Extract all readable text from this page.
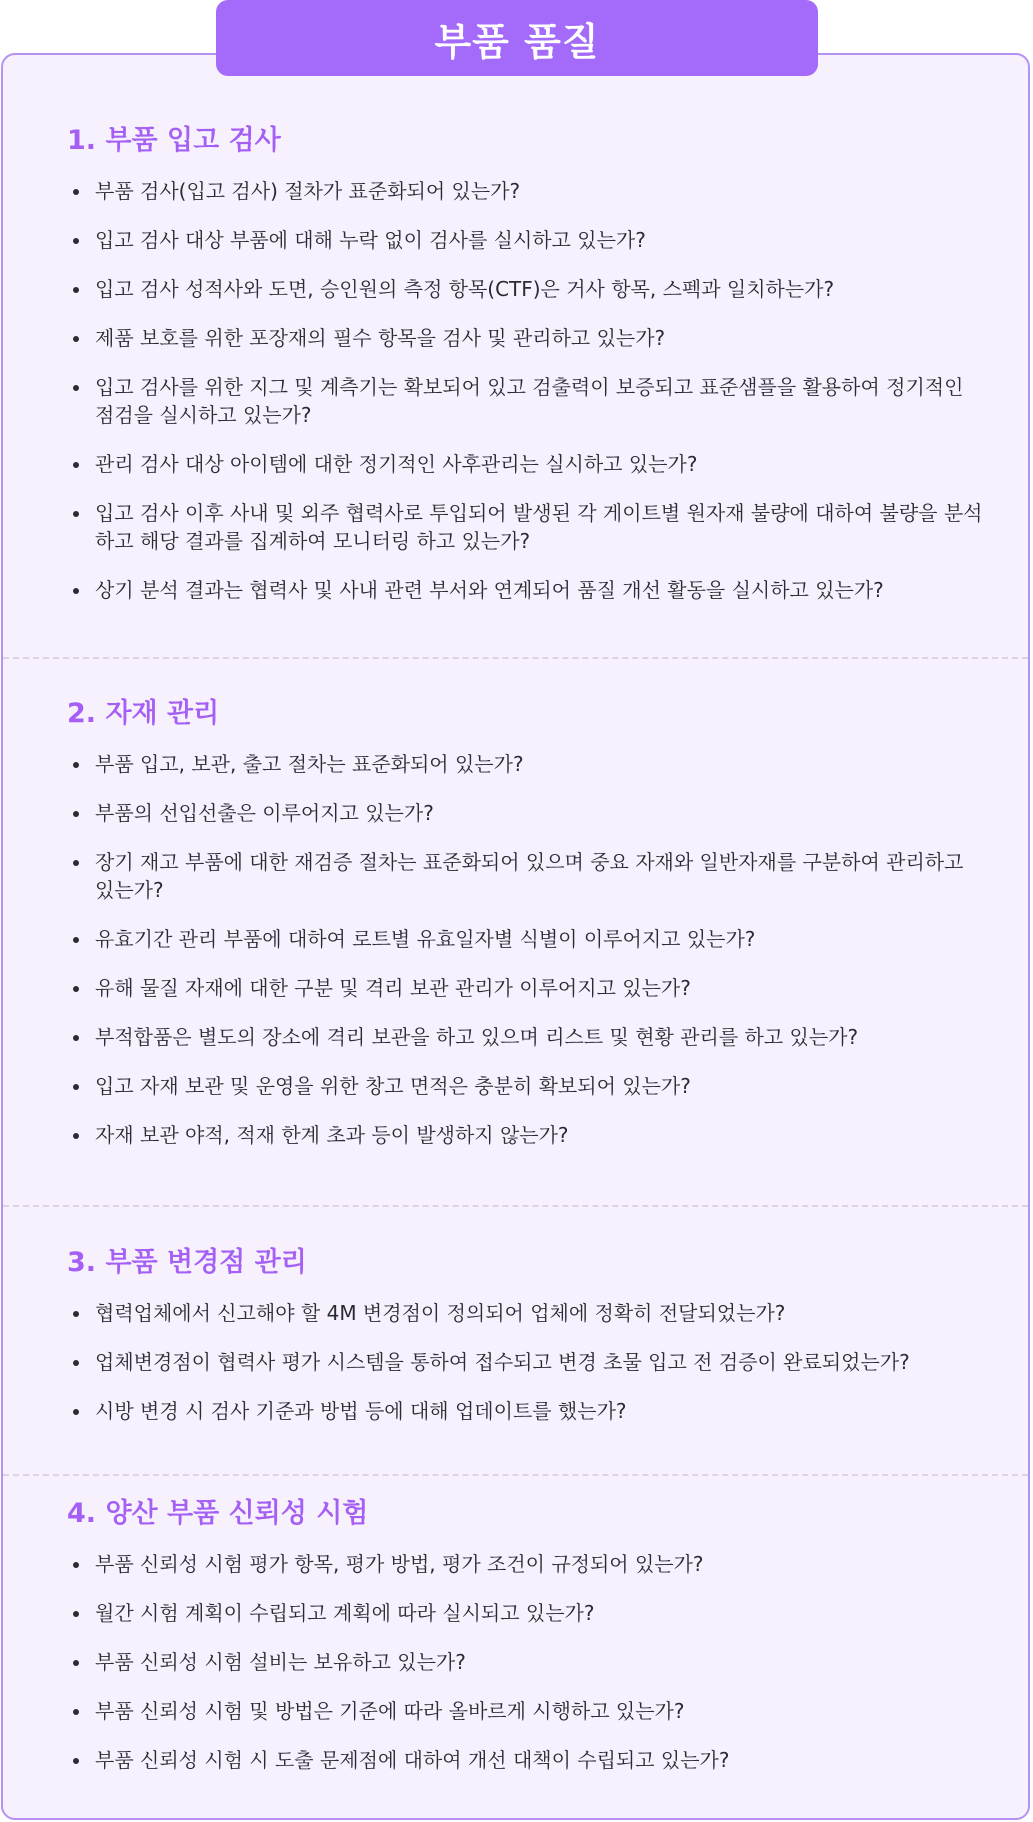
부품 품질
1. 부품 입고 검사
부품 검사(입고 검사) 절차가 표준화되어 있는가?
입고 검사 대상 부품에 대해 누락 없이 검사를 실시하고 있는가?
입고 검사 성적사와 도면, 승인원의 측정 항목(CTF)은 거사 항목, 스펙과 일치하는가?
제품 보호를 위한 포장재의 필수 항목을 검사 및 관리하고 있는가?
입고 검사를 위한 지그 및 계측기는 확보되어 있고 검출력이 보증되고 표준샘플을 활용하여 정기적인 점검을 실시하고 있는가?
관리 검사 대상 아이템에 대한 정기적인 사후관리는 실시하고 있는가?
입고 검사 이후 사내 및 외주 협력사로 투입되어 발생된 각 게이트별 원자재 불량에 대하여 불량을 분석하고 해당 결과를 집계하여 모니터링 하고 있는가?
상기 분석 결과는 협력사 및 사내 관련 부서와 연계되어 품질 개선 활동을 실시하고 있는가?
2. 자재 관리
부품 입고, 보관, 출고 절차는 표준화되어 있는가?
부품의 선입선출은 이루어지고 있는가?
장기 재고 부품에 대한 재검증 절차는 표준화되어 있으며 중요 자재와 일반자재를 구분하여 관리하고 있는가?
유효기간 관리 부품에 대하여 로트별 유효일자별 식별이 이루어지고 있는가?
유해 물질 자재에 대한 구분 및 격리 보관 관리가 이루어지고 있는가?
부적합품은 별도의 장소에 격리 보관을 하고 있으며 리스트 및 현황 관리를 하고 있는가?
입고 자재 보관 및 운영을 위한 창고 면적은 충분히 확보되어 있는가?
자재 보관 야적, 적재 한계 초과 등이 발생하지 않는가?
3. 부품 변경점 관리
협력업체에서 신고해야 할 4M 변경점이 정의되어 업체에 정확히 전달되었는가?
업체변경점이 협력사 평가 시스템을 통하여 접수되고 변경 초물 입고 전 검증이 완료되었는가?
시방 변경 시 검사 기준과 방법 등에 대해 업데이트를 했는가?
4. 양산 부품 신뢰성 시험
부품 신뢰성 시험 평가 항목, 평가 방법, 평가 조건이 규정되어 있는가?
월간 시험 계획이 수립되고 계획에 따라 실시되고 있는가?
부품 신뢰성 시험 설비는 보유하고 있는가?
부품 신뢰성 시험 및 방법은 기준에 따라 올바르게 시행하고 있는가?
부품 신뢰성 시험 시 도출 문제점에 대하여 개선 대책이 수립되고 있는가?
